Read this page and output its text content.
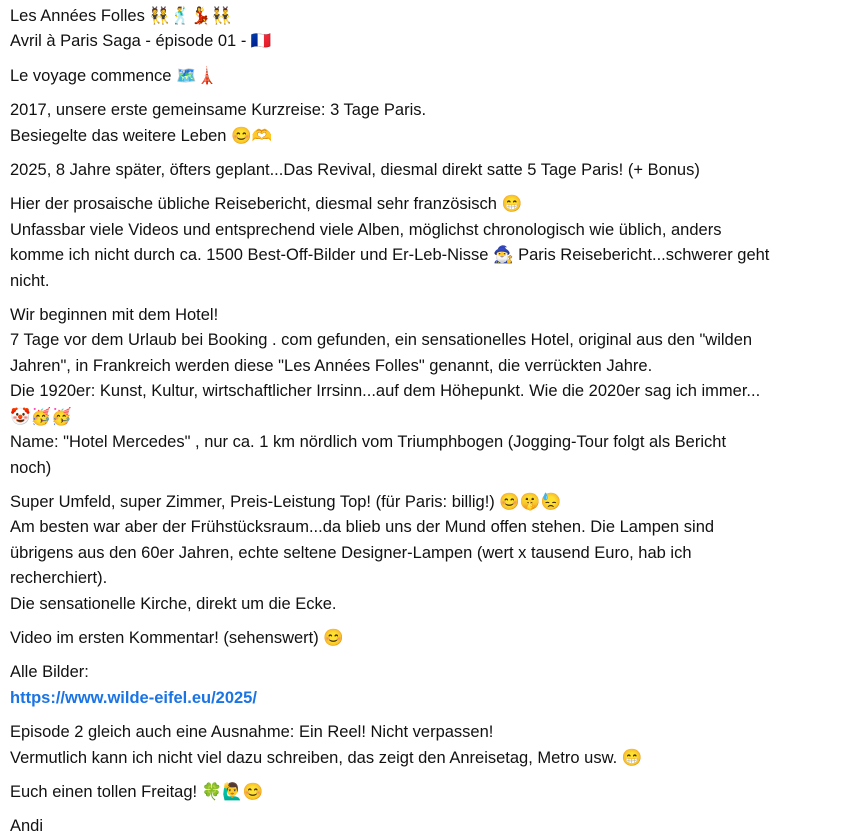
Les Années Folles 👯🕺💃👯‍♂️
Avril à Paris Saga - épisode 01 - 🇫🇷
Le voyage commence 🗺️🗼
2017, unsere erste gemeinsame Kurzreise: 3 Tage Paris.
Besiegelte das weitere Leben 😊🫶
2025, 8 Jahre später, öfters geplant...Das Revival, diesmal direkt satte 5 Tage Paris! (+ Bonus)
Hier der prosaische übliche Reisebericht, diesmal sehr französisch 😁
Unfassbar viele Videos und entsprechend viele Alben, möglichst chronologisch wie üblich, anders
komme ich nicht durch ca. 1500 Best-Off-Bilder und Er-Leb-Nisse 🧙‍♂️ Paris Reisebericht...schwerer geht
nicht.
Wir beginnen mit dem Hotel!
7 Tage vor dem Urlaub bei Booking . com gefunden, ein sensationelles Hotel, original aus den "wilden
Jahren", in Frankreich werden diese "Les Années Folles" genannt, die verrückten Jahre.
Die 1920er: Kunst, Kultur, wirtschaftlicher Irrsinn...auf dem Höhepunkt. Wie die 2020er sag ich immer...
🤡🥳🥳
Name: "Hotel Mercedes" , nur ca. 1 km nördlich vom Triumphbogen (Jogging-Tour folgt als Bericht
noch)
Super Umfeld, super Zimmer, Preis-Leistung Top! (für Paris: billig!) 😊🤫😓
Am besten war aber der Frühstücksraum...da blieb uns der Mund offen stehen. Die Lampen sind
übrigens aus den 60er Jahren, echte seltene Designer-Lampen (wert x tausend Euro, hab ich
recherchiert).
Die sensationelle Kirche, direkt um die Ecke.
Video im ersten Kommentar! (sehenswert) 😊
Alle Bilder:
https://www.wilde-eifel.eu/2025/
Episode 2 gleich auch eine Ausnahme: Ein Reel! Nicht verpassen!
Vermutlich kann ich nicht viel dazu schreiben, das zeigt den Anreisetag, Metro usw. 😁
Euch einen tollen Freitag! 🍀🙋‍♂️😊
Andi
